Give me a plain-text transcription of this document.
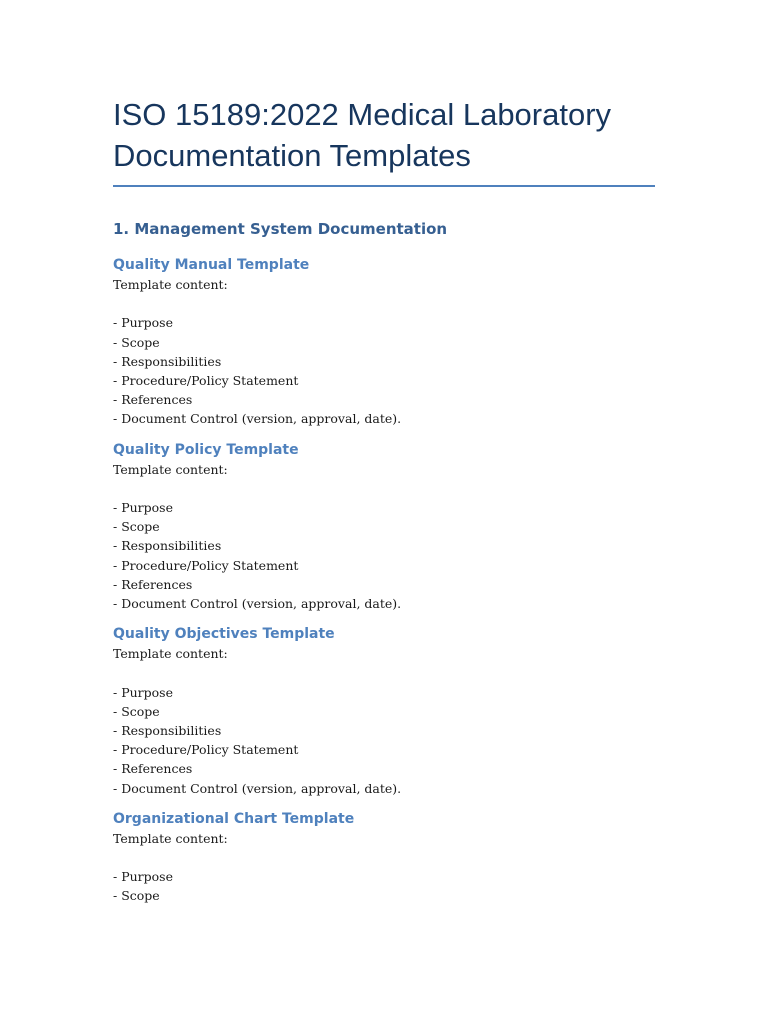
ISO 15189:2022 Medical Laboratory
Documentation Templates
1. Management System Documentation
Quality Manual Template

Template content:

- Purpose

- Scope

- Responsibilities

- Procedure/Policy Statement

- References

- Document Control (version, approval, date).

Quality Policy Template

Template content:

- Purpose

- Scope

- Responsibilities

- Procedure/Policy Statement

- References

- Document Control (version, approval, date).

Quality Objectives Template

Template content:

- Purpose

- Scope

- Responsibilities

- Procedure/Policy Statement

- References

- Document Control (version, approval, date).

Organizational Chart Template

Template content:

- Purpose

- Scope
